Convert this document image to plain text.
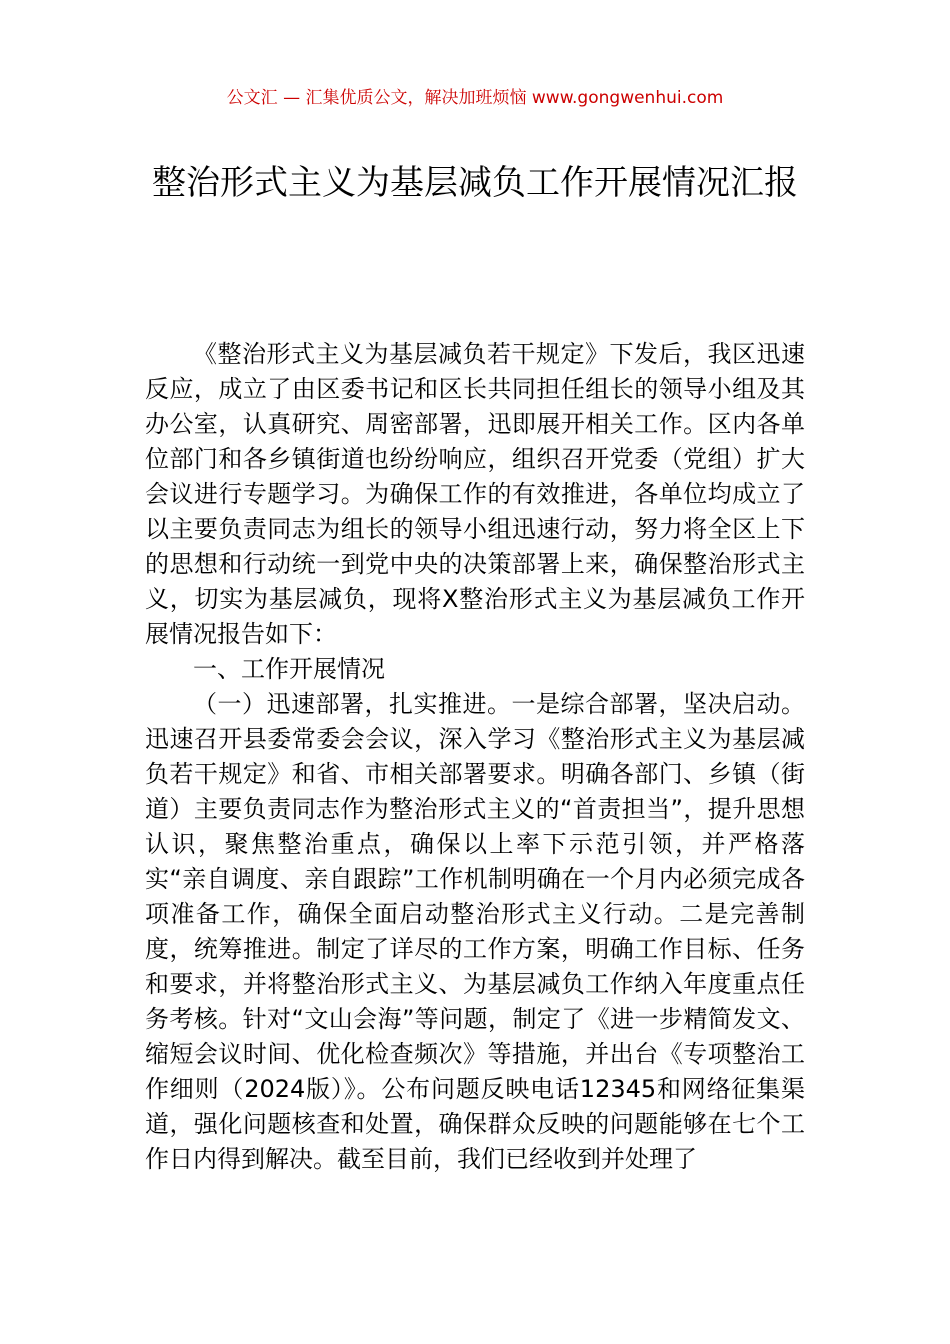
公文汇 — 汇集优质公文，解决加班烦恼 www.gongwenhui.com
整治形式主义为基层减负工作开展情况汇报

《整治形式主义为基层减负若干规定》下发后，我区迅速反应，成立了由区委书记和区长共同担任组长的领导小组及其办公室，认真研究、周密部署，迅即展开相关工作。区内各单位部门和各乡镇街道也纷纷响应，组织召开党委（党组）扩大会议进行专题学习。为确保工作的有效推进，各单位均成立了以主要负责同志为组长的领导小组迅速行动，努力将全区上下的思想和行动统一到党中央的决策部署上来，确保整治形式主义，切实为基层减负，现将X整治形式主义为基层减负工作开展情况报告如下：

一、工作开展情况

（一）迅速部署，扎实推进。一是综合部署，坚决启动。迅速召开县委常委会会议，深入学习《整治形式主义为基层减负若干规定》和省、市相关部署要求。明确各部门、乡镇（街道）主要负责同志作为整治形式主义的“首责担当”，提升思想认识，聚焦整治重点，确保以上率下示范引领，并严格落实“亲自调度、亲自跟踪”工作机制明确在一个月内必须完成各项准备工作，确保全面启动整治形式主义行动。二是完善制度，统筹推进。制定了详尽的工作方案，明确工作目标、任务和要求，并将整治形式主义、为基层减负工作纳入年度重点任务考核。针对“文山会海”等问题，制定了《进一步精简发文、缩短会议时间、优化检查频次》等措施，并出台《专项整治工作细则（2024版）》。公布问题反映电话12345和网络征集渠道，强化问题核查和处置，确保群众反映的问题能够在七个工作日内得到解决。截至目前，我们已经收到并处理了
